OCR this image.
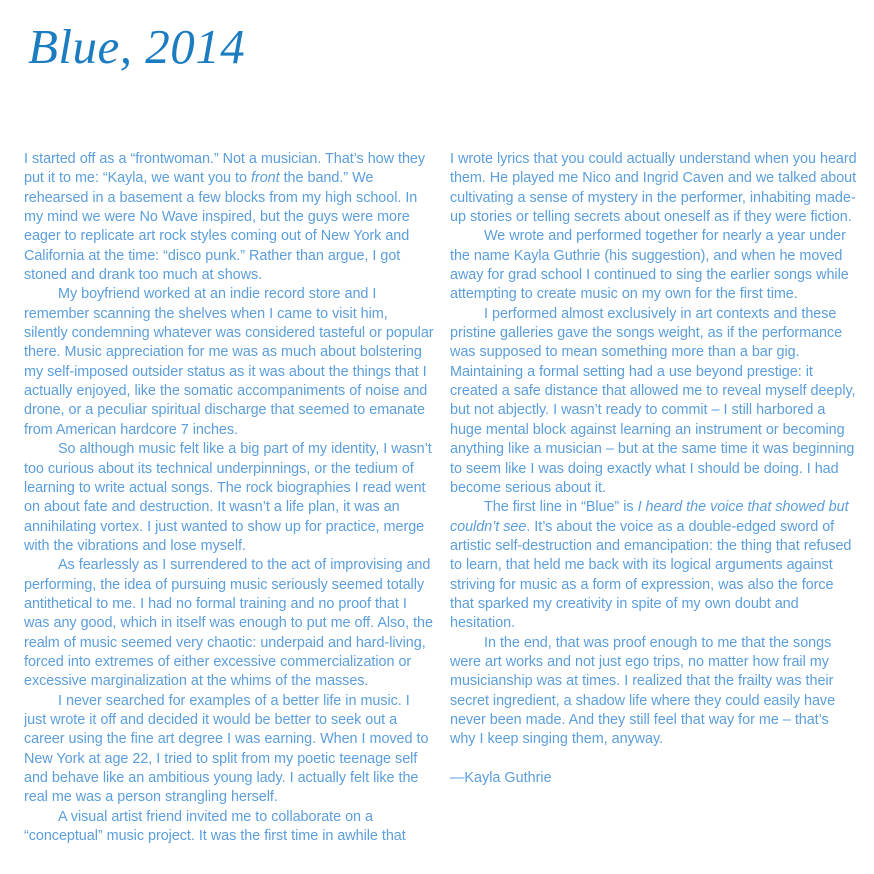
Blue, 2014

I started off as a “frontwoman.” Not a musician. That’s how they put it to me: “Kayla, we want you to front the band.” We rehearsed in a basement a few blocks from my high school. In my mind we were No Wave inspired, but the guys were more eager to replicate art rock styles coming out of New York and California at the time: “disco punk.” Rather than argue, I got stoned and drank too much at shows.

My boyfriend worked at an indie record store and I remember scanning the shelves when I came to visit him, silently condemning whatever was considered tasteful or popular there. Music appreciation for me was as much about bolstering my self-imposed outsider status as it was about the things that I actually enjoyed, like the somatic accompaniments of noise and drone, or a peculiar spiritual discharge that seemed to emanate from American hardcore 7 inches.

So although music felt like a big part of my identity, I wasn’t too curious about its technical underpinnings, or the tedium of learning to write actual songs. The rock biographies I read went on about fate and destruction. It wasn’t a life plan, it was an annihilating vortex. I just wanted to show up for practice, merge with the vibrations and lose myself.

As fearlessly as I surrendered to the act of improvising and performing, the idea of pursuing music seriously seemed totally antithetical to me. I had no formal training and no proof that I was any good, which in itself was enough to put me off. Also, the realm of music seemed very chaotic: underpaid and hard-living, forced into extremes of either excessive commercialization or excessive marginalization at the whims of the masses.

I never searched for examples of a better life in music. I just wrote it off and decided it would be better to seek out a career using the fine art degree I was earning. When I moved to New York at age 22, I tried to split from my poetic teenage self and behave like an ambitious young lady. I actually felt like the real me was a person strangling herself.

A visual artist friend invited me to collaborate on a “conceptual” music project. It was the first time in awhile that

I wrote lyrics that you could actually understand when you heard them. He played me Nico and Ingrid Caven and we talked about cultivating a sense of mystery in the performer, inhabiting made-up stories or telling secrets about oneself as if they were fiction.

We wrote and performed together for nearly a year under the name Kayla Guthrie (his suggestion), and when he moved away for grad school I continued to sing the earlier songs while attempting to create music on my own for the first time.

I performed almost exclusively in art contexts and these pristine galleries gave the songs weight, as if the performance was supposed to mean something more than a bar gig. Maintaining a formal setting had a use beyond prestige: it created a safe distance that allowed me to reveal myself deeply, but not abjectly. I wasn’t ready to commit – I still harbored a huge mental block against learning an instrument or becoming anything like a musician – but at the same time it was beginning to seem like I was doing exactly what I should be doing. I had become serious about it.

The first line in “Blue” is I heard the voice that showed but couldn’t see. It’s about the voice as a double-edged sword of artistic self-destruction and emancipation: the thing that refused to learn, that held me back with its logical arguments against striving for music as a form of expression, was also the force that sparked my creativity in spite of my own doubt and hesitation.

In the end, that was proof enough to me that the songs were art works and not just ego trips, no matter how frail my musicianship was at times. I realized that the frailty was their secret ingredient, a shadow life where they could easily have never been made. And they still feel that way for me – that’s why I keep singing them, anyway.

—Kayla Guthrie
